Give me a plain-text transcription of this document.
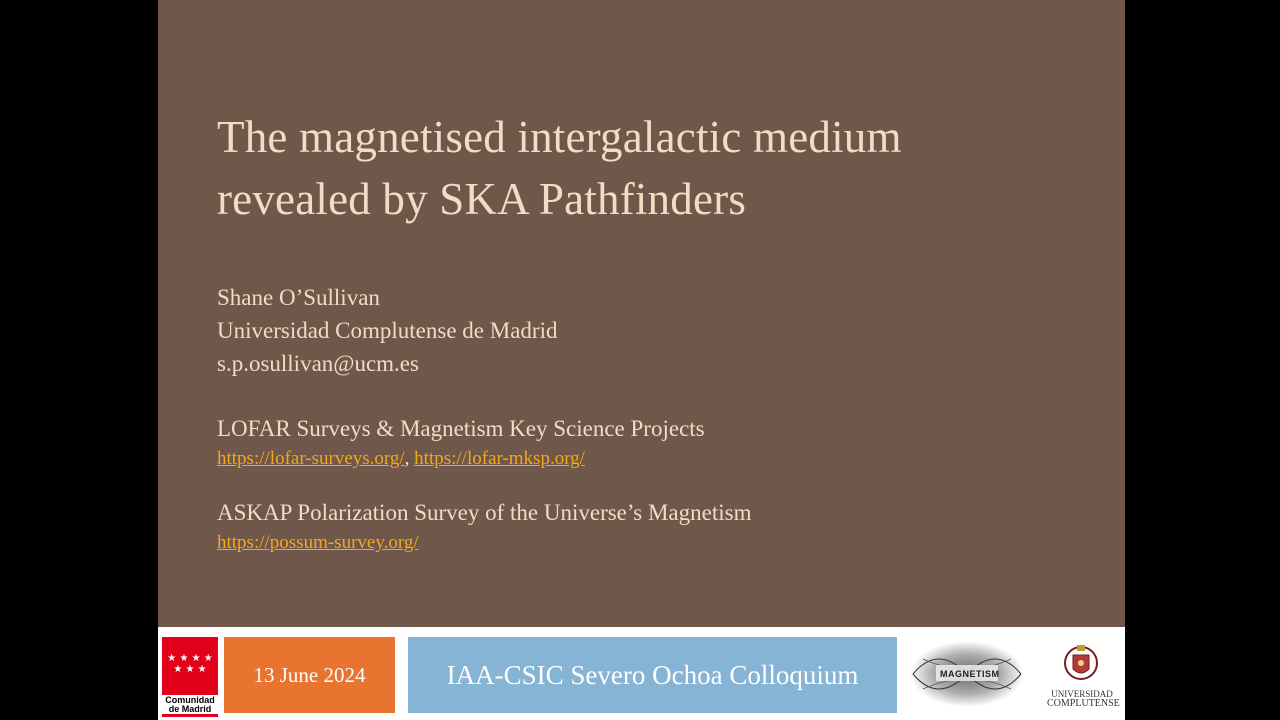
The magnetised intergalactic medium
revealed by SKA Pathfinders
Shane O’Sullivan
Universidad Complutense de Madrid
s.p.osullivan@ucm.es
LOFAR Surveys & Magnetism Key Science Projects
https://lofar-surveys.org/, https://lofar-mksp.org/
ASKAP Polarization Survey of the Universe’s Magnetism
https://possum-survey.org/
★ ★ ★ ★
★ ★ ★
Comunidad
de Madrid
13 June 2024	IAA-CSIC Severo Ochoa Colloquium	MAGNETISM
UNIVERSIDAD
COMPLUTENSE
